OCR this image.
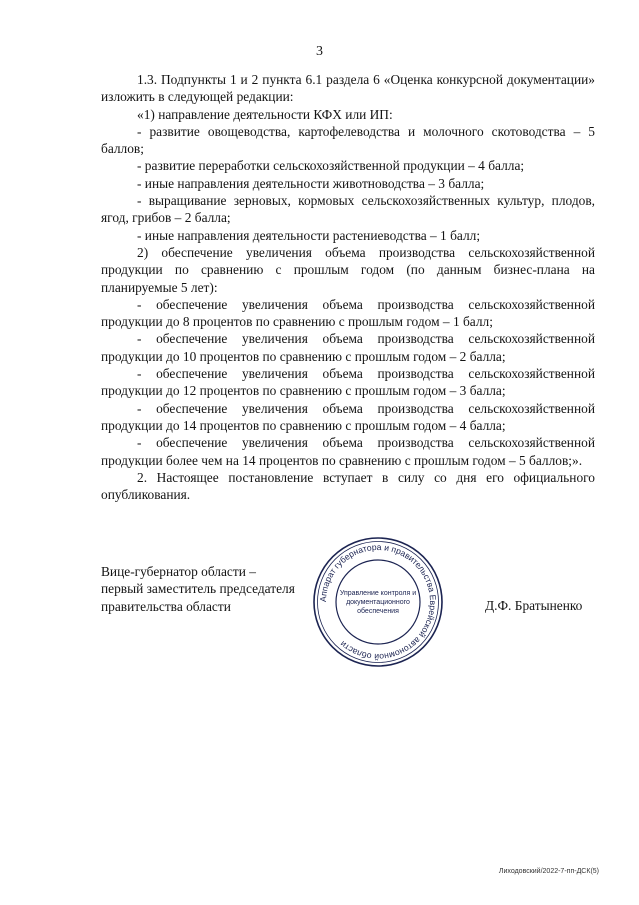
3

1.3. Подпункты 1 и 2 пункта 6.1 раздела 6 «Оценка конкурсной документации» изложить в следующей редакции:

«1) направление деятельности КФХ или ИП:

- развитие овощеводства, картофелеводства и молочного скотоводства – 5 баллов;

- развитие переработки сельскохозяйственной продукции – 4 балла;

- иные направления деятельности животноводства – 3 балла;

- выращивание зерновых, кормовых сельскохозяйственных культур, плодов, ягод, грибов – 2 балла;

- иные направления деятельности растениеводства – 1 балл;

2) обеспечение увеличения объема производства сельскохозяйственной продукции по сравнению с прошлым годом (по данным бизнес-плана на планируемые 5 лет):

- обеспечение увеличения объема производства сельскохозяйственной продукции до 8 процентов по сравнению с прошлым годом – 1 балл;

- обеспечение увеличения объема производства сельскохозяйственной продукции до 10 процентов по сравнению с прошлым годом – 2 балла;

- обеспечение увеличения объема производства сельскохозяйственной продукции до 12 процентов по сравнению с прошлым годом – 3 балла;

- обеспечение увеличения объема производства сельскохозяйственной продукции до 14 процентов по сравнению с прошлым годом – 4 балла;

- обеспечение увеличения объема производства сельскохозяйственной продукции более чем на 14 процентов по сравнению с прошлым годом – 5 баллов;».

2. Настоящее постановление вступает в силу со дня его официального опубликования.

Вице-губернатор области –
первый заместитель председателя
правительства области	Аппарат губернатора и правительства Еврейской автономной области
Управление контроля и
документационного
обеспечения	Д.Ф. Братыненко
Лиходовский/2022-7-пп-ДСК(5)
